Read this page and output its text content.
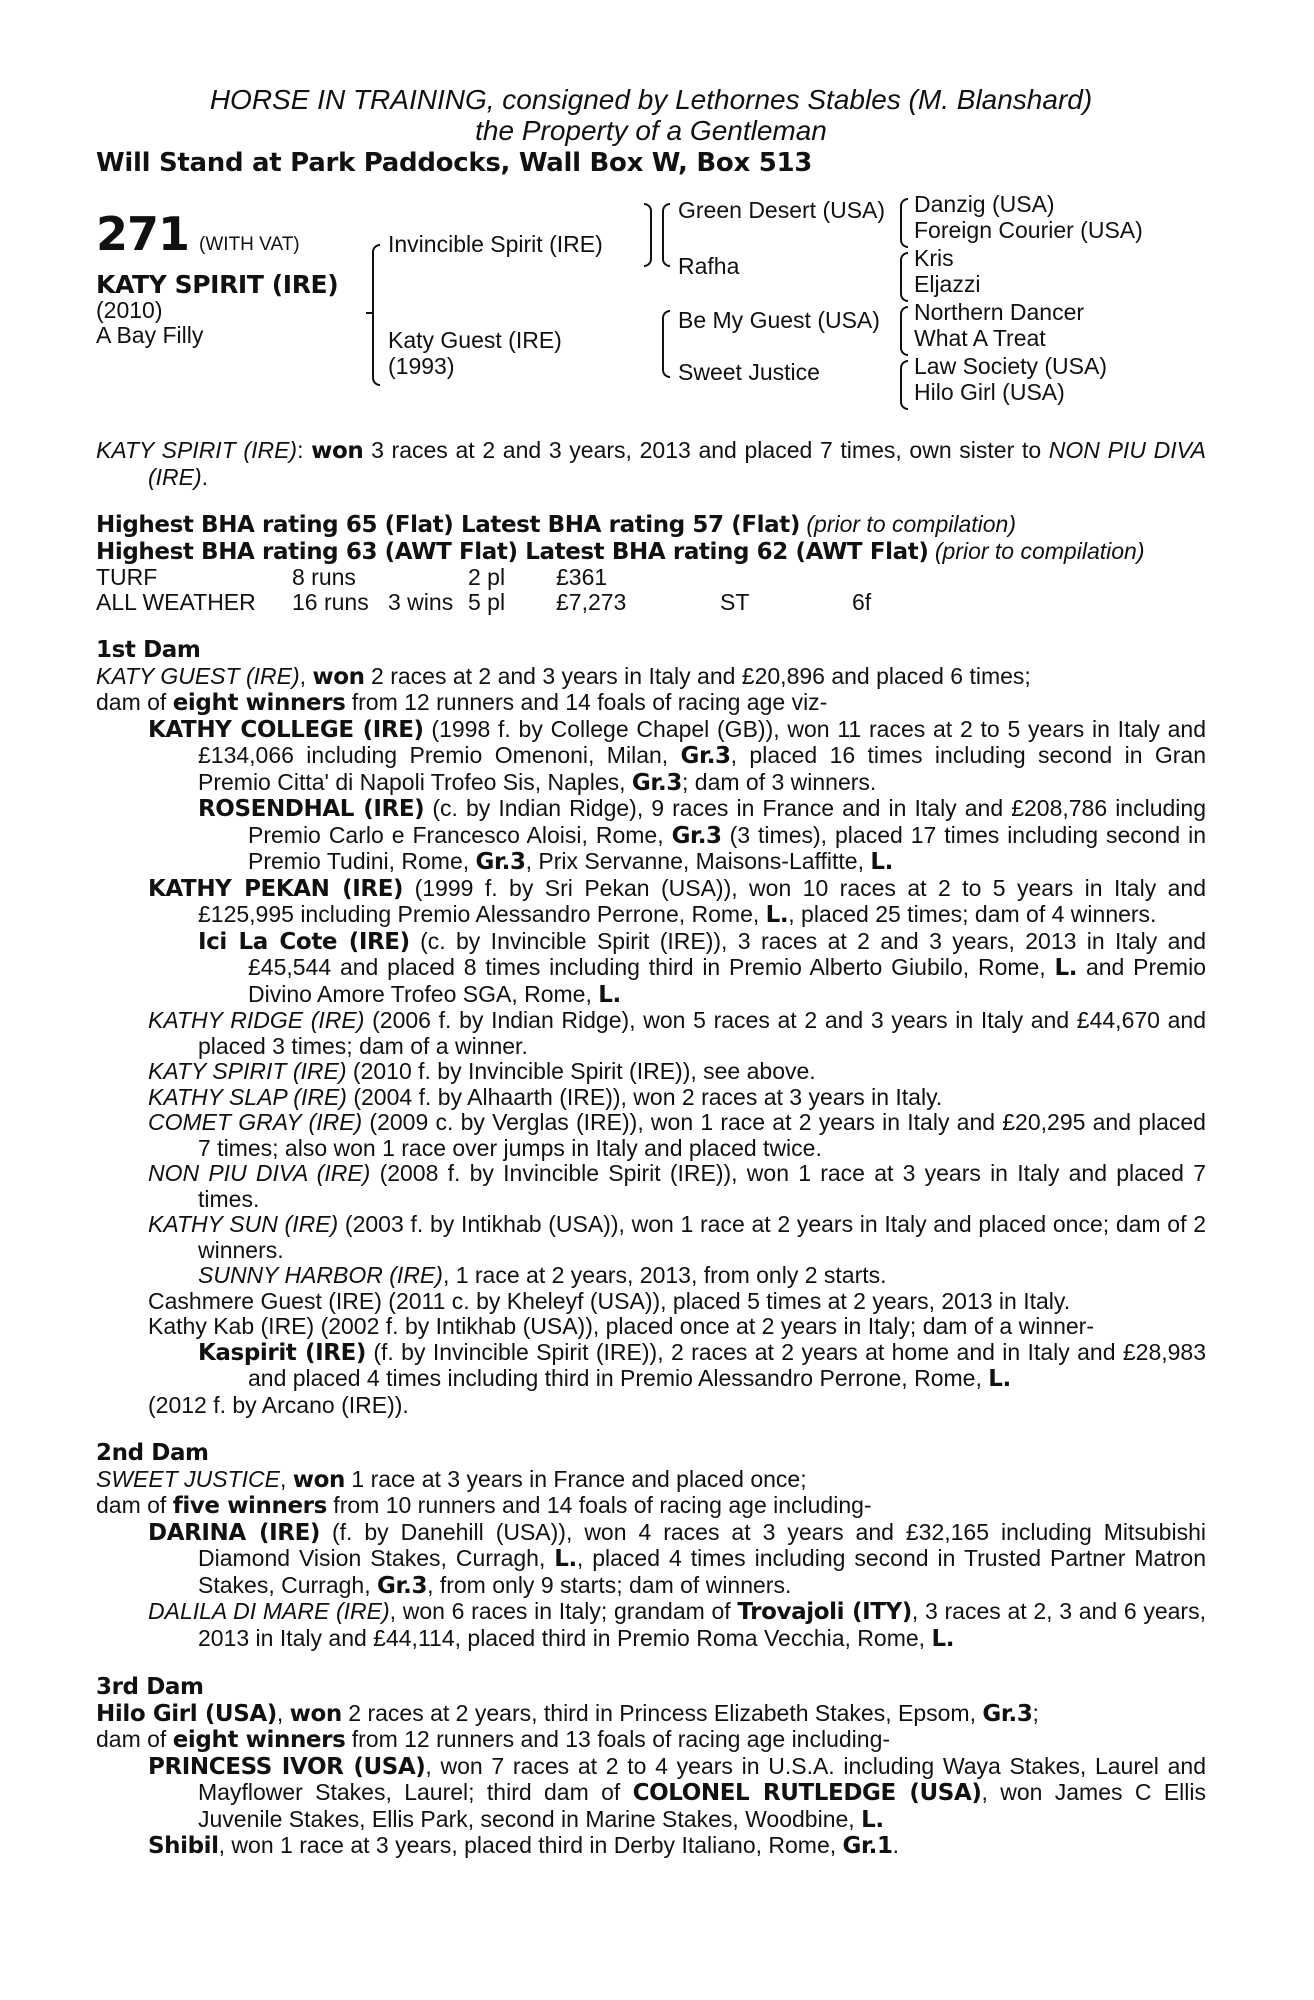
HORSE IN TRAINING, consigned by Lethornes Stables (M. Blanshard)
the Property of a Gentleman
Will Stand at Park Paddocks, Wall Box W, Box 513
271 (WITH VAT)
KATY SPIRIT (IRE)
(2010)
A Bay Filly
Invincible Spirit (IRE)
Katy Guest (IRE)
(1993)
Green Desert (USA)
Rafha
Be My Guest (USA)
Sweet Justice
Danzig (USA)
Foreign Courier (USA)
Kris
Eljazzi
Northern Dancer
What A Treat
Law Society (USA)
Hilo Girl (USA)

KATY SPIRIT (IRE): won 3 races at 2 and 3 years, 2013 and placed 7 times, own sister to NON PIU DIVA (IRE).

Highest BHA rating 65 (Flat) Latest BHA rating 57 (Flat) (prior to compilation)

Highest BHA rating 63 (AWT Flat) Latest BHA rating 62 (AWT Flat) (prior to compilation)

TURF	8 runs		2 pl	£361		
ALL WEATHER	16 runs	3 wins	5 pl	£7,273	ST	6f

1st Dam

KATY GUEST (IRE), won 2 races at 2 and 3 years in Italy and £20,896 and placed 6 times;

dam of eight winners from 12 runners and 14 foals of racing age viz-

KATHY COLLEGE (IRE) (1998 f. by College Chapel (GB)), won 11 races at 2 to 5 years in Italy and £134,066 including Premio Omenoni, Milan, Gr.3, placed 16 times including second in Gran Premio Citta' di Napoli Trofeo Sis, Naples, Gr.3; dam of 3 winners.

ROSENDHAL (IRE) (c. by Indian Ridge), 9 races in France and in Italy and £208,786 including Premio Carlo e Francesco Aloisi, Rome, Gr.3 (3 times), placed 17 times including second in Premio Tudini, Rome, Gr.3, Prix Servanne, Maisons-Laffitte, L.

KATHY PEKAN (IRE) (1999 f. by Sri Pekan (USA)), won 10 races at 2 to 5 years in Italy and £125,995 including Premio Alessandro Perrone, Rome, L., placed 25 times; dam of 4 winners.

Ici La Cote (IRE) (c. by Invincible Spirit (IRE)), 3 races at 2 and 3 years, 2013 in Italy and £45,544 and placed 8 times including third in Premio Alberto Giubilo, Rome, L. and Premio Divino Amore Trofeo SGA, Rome, L.

KATHY RIDGE (IRE) (2006 f. by Indian Ridge), won 5 races at 2 and 3 years in Italy and £44,670 and placed 3 times; dam of a winner.

KATY SPIRIT (IRE) (2010 f. by Invincible Spirit (IRE)), see above.

KATHY SLAP (IRE) (2004 f. by Alhaarth (IRE)), won 2 races at 3 years in Italy.

COMET GRAY (IRE) (2009 c. by Verglas (IRE)), won 1 race at 2 years in Italy and £20,295 and placed 7 times; also won 1 race over jumps in Italy and placed twice.

NON PIU DIVA (IRE) (2008 f. by Invincible Spirit (IRE)), won 1 race at 3 years in Italy and placed 7 times.

KATHY SUN (IRE) (2003 f. by Intikhab (USA)), won 1 race at 2 years in Italy and placed once; dam of 2 winners.

SUNNY HARBOR (IRE), 1 race at 2 years, 2013, from only 2 starts.

Cashmere Guest (IRE) (2011 c. by Kheleyf (USA)), placed 5 times at 2 years, 2013 in Italy.

Kathy Kab (IRE) (2002 f. by Intikhab (USA)), placed once at 2 years in Italy; dam of a winner-

Kaspirit (IRE) (f. by Invincible Spirit (IRE)), 2 races at 2 years at home and in Italy and £28,983 and placed 4 times including third in Premio Alessandro Perrone, Rome, L.

(2012 f. by Arcano (IRE)).

2nd Dam

SWEET JUSTICE, won 1 race at 3 years in France and placed once;

dam of five winners from 10 runners and 14 foals of racing age including-

DARINA (IRE) (f. by Danehill (USA)), won 4 races at 3 years and £32,165 including Mitsubishi Diamond Vision Stakes, Curragh, L., placed 4 times including second in Trusted Partner Matron Stakes, Curragh, Gr.3, from only 9 starts; dam of winners.

DALILA DI MARE (IRE), won 6 races in Italy; grandam of Trovajoli (ITY), 3 races at 2, 3 and 6 years, 2013 in Italy and £44,114, placed third in Premio Roma Vecchia, Rome, L.

3rd Dam

Hilo Girl (USA), won 2 races at 2 years, third in Princess Elizabeth Stakes, Epsom, Gr.3;

dam of eight winners from 12 runners and 13 foals of racing age including-

PRINCESS IVOR (USA), won 7 races at 2 to 4 years in U.S.A. including Waya Stakes, Laurel and Mayflower Stakes, Laurel; third dam of COLONEL RUTLEDGE (USA), won James C Ellis Juvenile Stakes, Ellis Park, second in Marine Stakes, Woodbine, L.

Shibil, won 1 race at 3 years, placed third in Derby Italiano, Rome, Gr.1.
